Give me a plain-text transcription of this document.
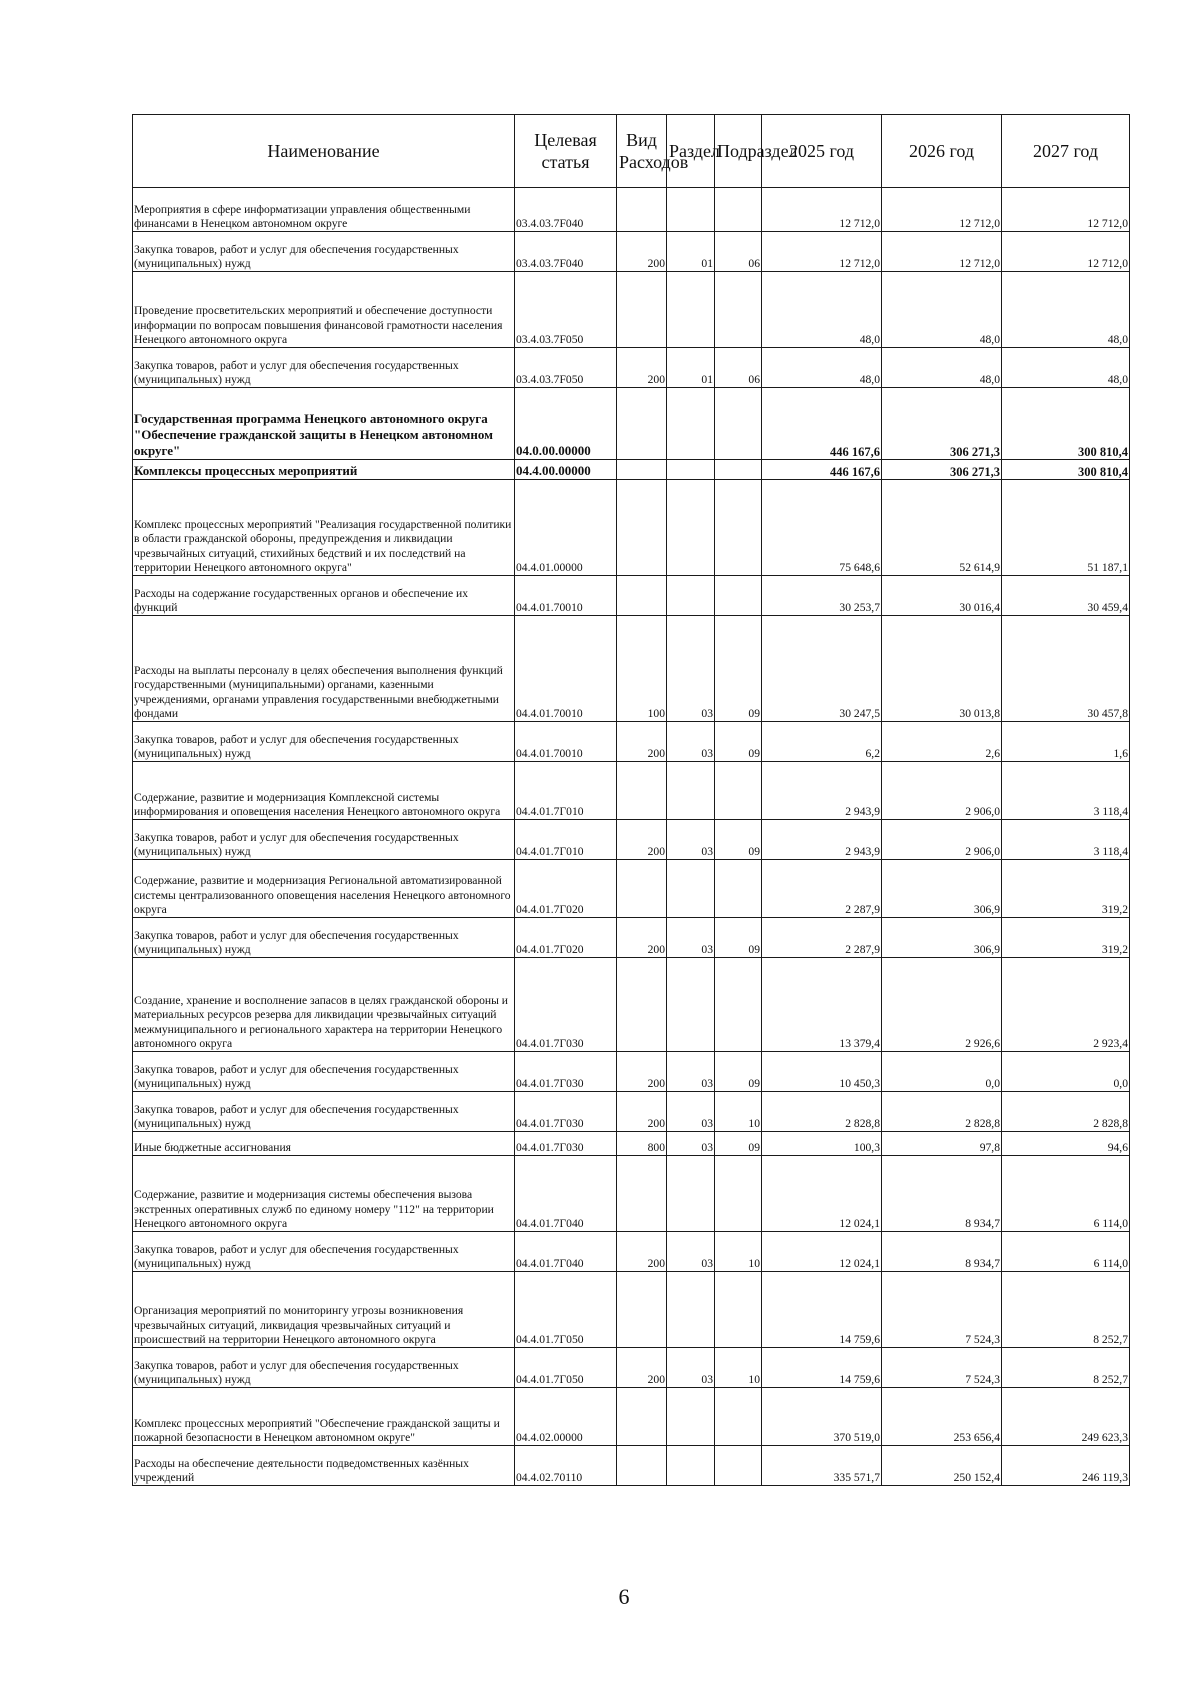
Наименование	Целевая статья	Вид Расходов	Раздел	Подраздел	2025 год	2026 год	2027 год
Мероприятия в сфере информатизации управления общественными финансами в Ненецком автономном округе	03.4.03.7F040				12 712,0	12 712,0	12 712,0
Закупка товаров, работ и услуг для обеспечения государственных (муниципальных) нужд	03.4.03.7F040	200	01	06	12 712,0	12 712,0	12 712,0
Проведение просветительских мероприятий и обеспечение доступности информации по вопросам повышения финансовой грамотности населения Ненецкого автономного округа	03.4.03.7F050				48,0	48,0	48,0
Закупка товаров, работ и услуг для обеспечения государственных (муниципальных) нужд	03.4.03.7F050	200	01	06	48,0	48,0	48,0
Государственная программа Ненецкого автономного округа "Обеспечение гражданской защиты в Ненецком автономном округе"	04.0.00.00000				446 167,6	306 271,3	300 810,4
Комплексы процессных мероприятий	04.4.00.00000				446 167,6	306 271,3	300 810,4
Комплекс процессных мероприятий "Реализация государственной политики в области гражданской обороны, предупреждения и ликвидации чрезвычайных ситуаций, стихийных бедствий и их последствий на территории Ненецкого автономного округа"	04.4.01.00000				75 648,6	52 614,9	51 187,1
Расходы на содержание государственных органов и обеспечение их функций	04.4.01.70010				30 253,7	30 016,4	30 459,4
Расходы на выплаты персоналу в целях обеспечения выполнения функций государственными (муниципальными) органами, казенными учреждениями, органами управления государственными внебюджетными фондами	04.4.01.70010	100	03	09	30 247,5	30 013,8	30 457,8
Закупка товаров, работ и услуг для обеспечения государственных (муниципальных) нужд	04.4.01.70010	200	03	09	6,2	2,6	1,6
Содержание, развитие и модернизация Комплексной системы информирования и оповещения населения Ненецкого автономного округа	04.4.01.7Г010				2 943,9	2 906,0	3 118,4
Закупка товаров, работ и услуг для обеспечения государственных (муниципальных) нужд	04.4.01.7Г010	200	03	09	2 943,9	2 906,0	3 118,4
Содержание, развитие и модернизация Региональной автоматизированной системы централизованного оповещения населения Ненецкого автономного округа	04.4.01.7Г020				2 287,9	306,9	319,2
Закупка товаров, работ и услуг для обеспечения государственных (муниципальных) нужд	04.4.01.7Г020	200	03	09	2 287,9	306,9	319,2
Создание, хранение и восполнение запасов в целях гражданской обороны и материальных ресурсов резерва для ликвидации чрезвычайных ситуаций межмуниципального и регионального характера на территории Ненецкого автономного округа	04.4.01.7Г030				13 379,4	2 926,6	2 923,4
Закупка товаров, работ и услуг для обеспечения государственных (муниципальных) нужд	04.4.01.7Г030	200	03	09	10 450,3	0,0	0,0
Закупка товаров, работ и услуг для обеспечения государственных (муниципальных) нужд	04.4.01.7Г030	200	03	10	2 828,8	2 828,8	2 828,8
Иные бюджетные ассигнования	04.4.01.7Г030	800	03	09	100,3	97,8	94,6
Содержание, развитие и модернизация системы обеспечения вызова экстренных оперативных служб по единому номеру "112" на территории Ненецкого автономного округа	04.4.01.7Г040				12 024,1	8 934,7	6 114,0
Закупка товаров, работ и услуг для обеспечения государственных (муниципальных) нужд	04.4.01.7Г040	200	03	10	12 024,1	8 934,7	6 114,0
Организация мероприятий по мониторингу угрозы возникновения чрезвычайных ситуаций, ликвидация чрезвычайных ситуаций и происшествий на территории Ненецкого автономного округа	04.4.01.7Г050				14 759,6	7 524,3	8 252,7
Закупка товаров, работ и услуг для обеспечения государственных (муниципальных) нужд	04.4.01.7Г050	200	03	10	14 759,6	7 524,3	8 252,7
Комплекс процессных мероприятий "Обеспечение гражданской защиты и пожарной безопасности в Ненецком автономном округе"	04.4.02.00000				370 519,0	253 656,4	249 623,3
Расходы на обеспечение деятельности подведомственных казённых учреждений	04.4.02.70110				335 571,7	250 152,4	246 119,3
6
